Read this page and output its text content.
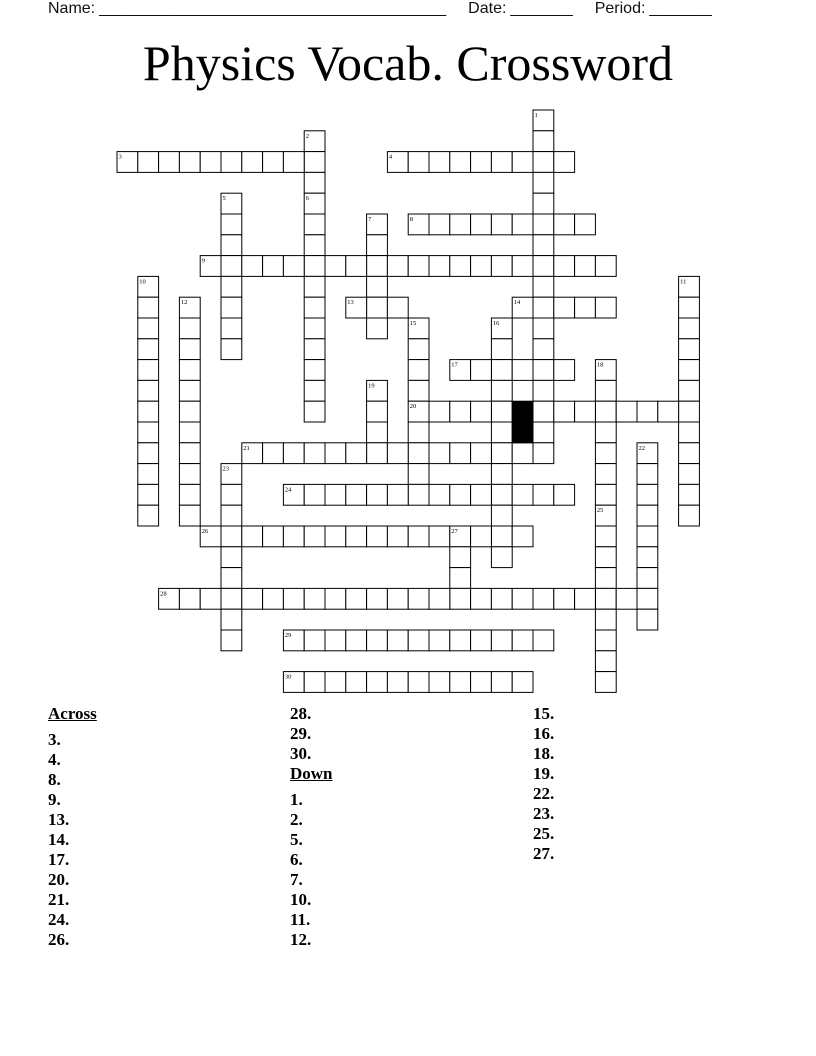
Name: _______________________________________ Date: _______ Period: _______
Physics Vocab. Crossword
1
2
3	4
5	6
7	8
9
10	11
12	13	14
15	16
17	18
19
20
21	22
23
24
25
26	27
28
29
30
Across
3.
4.
8.
9.
13.
14.
17.
20.
21.
24.
26.
28.
29.
30.
Down
1.
2.
5.
6.
7.
10.
11.
12.
15.
16.
18.
19.
22.
23.
25.
27.
